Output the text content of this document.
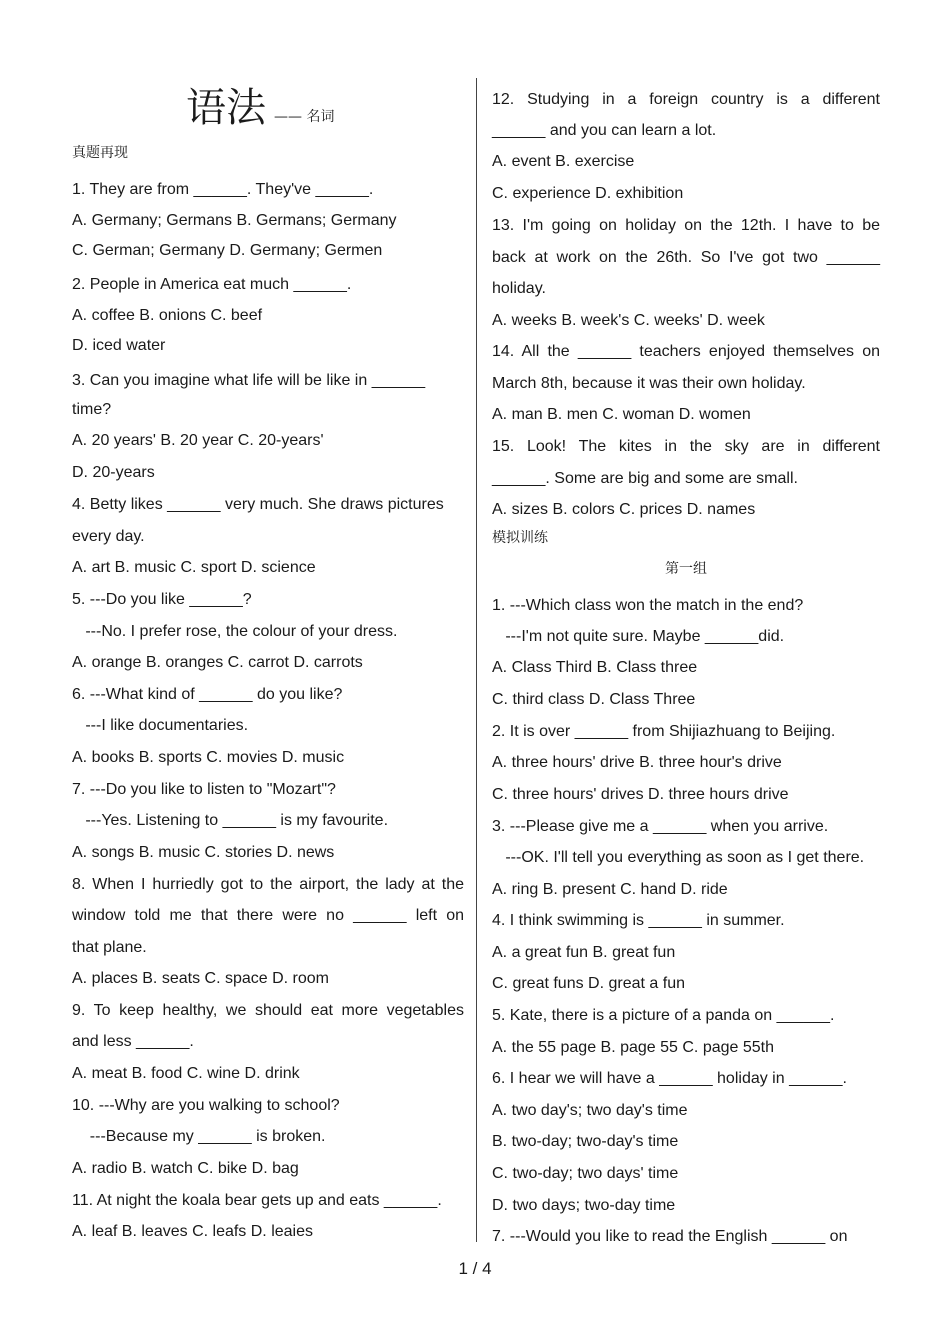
语法 —— 名词
真题再现
1. They are from ______. They've ______.
A. Germany; Germans B. Germans; Germany
C. German; Germany D. Germany; Germen
2. People in America eat much ______.
A. coffee B. onions C. beef
D. iced water
3. Can you imagine what life will be like in ______
time?
A. 20 years' B. 20 year C. 20-years'
D. 20-years
4. Betty likes ______ very much. She draws pictures
every day.
A. art B. music C. sport D. science
5. ---Do you like ______?
---No. I prefer rose, the colour of your dress.
A. orange B. oranges C. carrot D. carrots
6. ---What kind of ______ do you like?
---I like documentaries.
A. books B. sports C. movies D. music
7. ---Do you like to listen to "Mozart"?
---Yes. Listening to ______ is my favourite.
A. songs B. music C. stories D. news
8. When I hurriedly got to the airport, the lady at the
window told me that there were no ______ left on
that plane.
A. places B. seats C. space D. room
9. To keep healthy, we should eat more vegetables
and less ______.
A. meat B. food C. wine D. drink
10. ---Why are you walking to school?
---Because my ______ is broken.
A. radio B. watch C. bike D. bag
11. At night the koala bear gets up and eats ______.
A. leaf B. leaves C. leafs D. leaies
12. Studying in a foreign country is a different
______ and you can learn a lot.
A. event B. exercise
C. experience D. exhibition
13. I'm going on holiday on the 12th. I have to be
back at work on the 26th. So I've got two ______
holiday.
A. weeks B. week's C. weeks' D. week
14. All the ______ teachers enjoyed themselves on
March 8th, because it was their own holiday.
A. man B. men C. woman D. women
15. Look! The kites in the sky are in different
______. Some are big and some are small.
A. sizes B. colors C. prices D. names
模拟训练
第一组
1. ---Which class won the match in the end?
---I'm not quite sure. Maybe ______did.
A. Class Third B. Class three
C. third class D. Class Three
2. It is over ______ from Shijiazhuang to Beijing.
A. three hours' drive B. three hour's drive
C. three hours' drives D. three hours drive
3. ---Please give me a ______ when you arrive.
---OK. I'll tell you everything as soon as I get there.
A. ring B. present C. hand D. ride
4. I think swimming is ______ in summer.
A. a great fun B. great fun
C. great funs D. great a fun
5. Kate, there is a picture of a panda on ______.
A. the 55 page B. page 55 C. page 55th
6. I hear we will have a ______ holiday in ______.
A. two day's; two day's time
B. two-day; two-day's time
C. two-day; two days' time
D. two days; two-day time
7. ---Would you like to read the English ______ on
1 / 4
